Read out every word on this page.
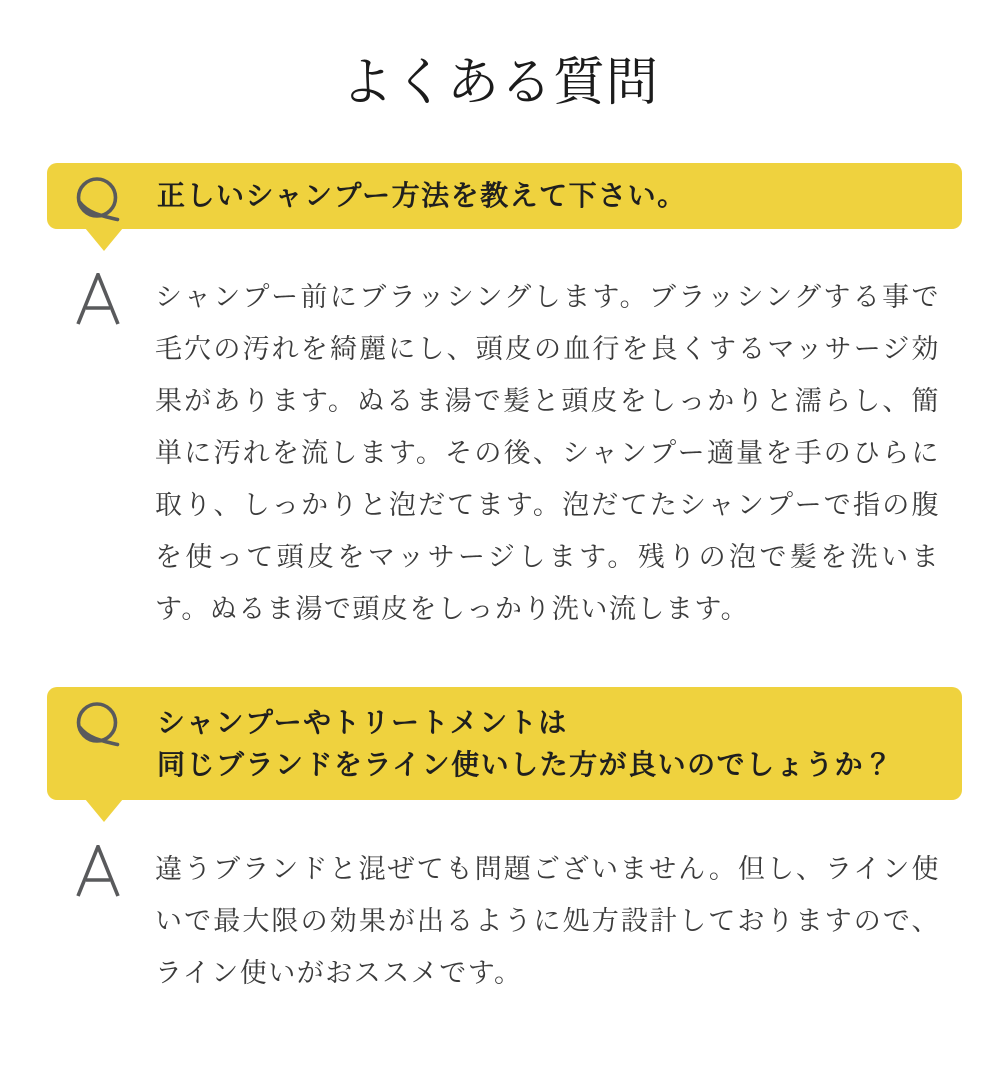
よくある質問
正しいシャンプー方法を教えて下さい。

シャンプー前にブラッシングします。ブラッシングする事で毛穴の汚れを綺麗にし、頭皮の血行を良くするマッサージ効果があります。ぬるま湯で髪と頭皮をしっかりと濡らし、簡単に汚れを流します。その後、シャンプー適量を手のひらに取り、しっかりと泡だてます。泡だてたシャンプーで指の腹を使って頭皮をマッサージします。残りの泡で髪を洗います。ぬるま湯で頭皮をしっかり洗い流します。

シャンプーやトリートメントは
同じブランドをライン使いした方が良いのでしょうか？

違うブランドと混ぜても問題ございません。但し、ライン使いで最大限の効果が出るように処方設計しておりますので、ライン使いがおススメです。
